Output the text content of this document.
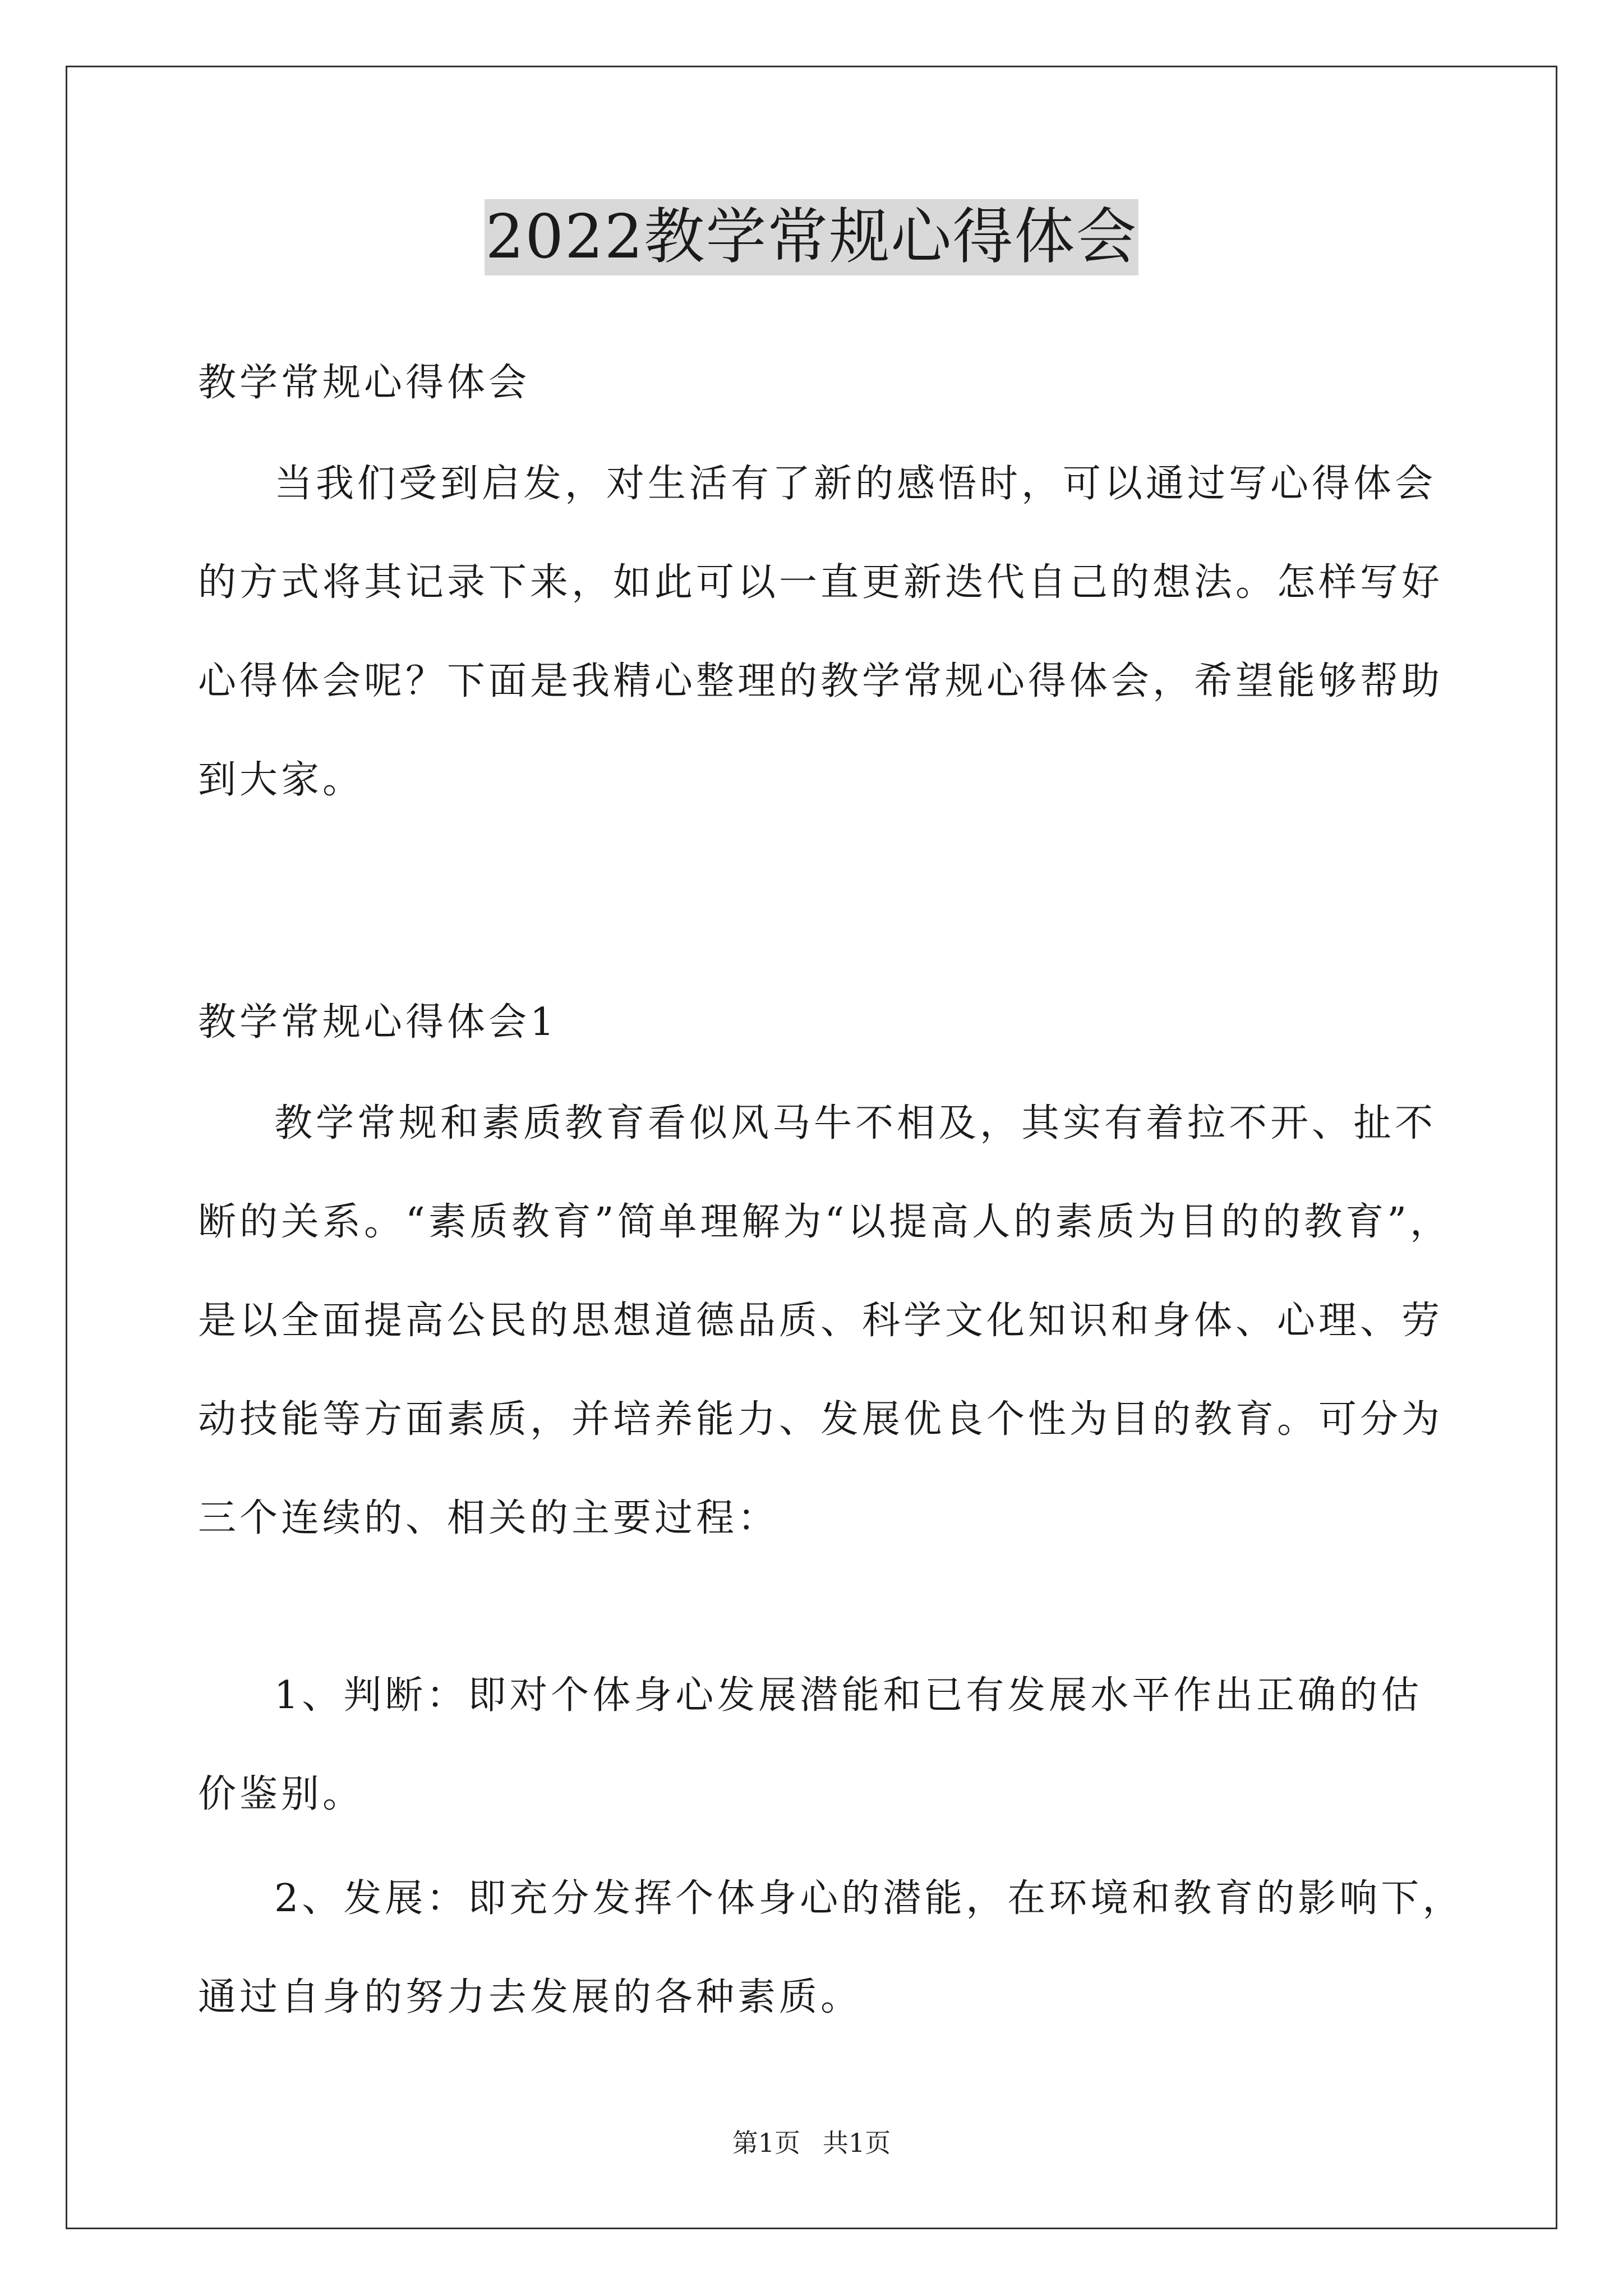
2022教学常规心得体会

教学常规心得体会

当我们受到启发，对生活有了新的感悟时，可以通过写心得体会

的方式将其记录下来，如此可以一直更新迭代自己的想法。怎样写好
心得体会呢？下面是我精心整理的教学常规心得体会，希望能够帮助
到大家。

教学常规心得体会1

教学常规和素质教育看似风马牛不相及，其实有着拉不开、扯不

断的关系。“素质教育”简单理解为“以提高人的素质为目的的教育”，
是以全面提高公民的思想道德品质、科学文化知识和身体、心理、劳
动技能等方面素质，并培养能力、发展优良个性为目的教育。可分为
三个连续的、相关的主要过程：

1、判断：即对个体身心发展潜能和已有发展水平作出正确的估

价鉴别。

2、发展：即充分发挥个体身心的潜能，在环境和教育的影响下，

通过自身的努力去发展的各种素质。

第1页 共1页
